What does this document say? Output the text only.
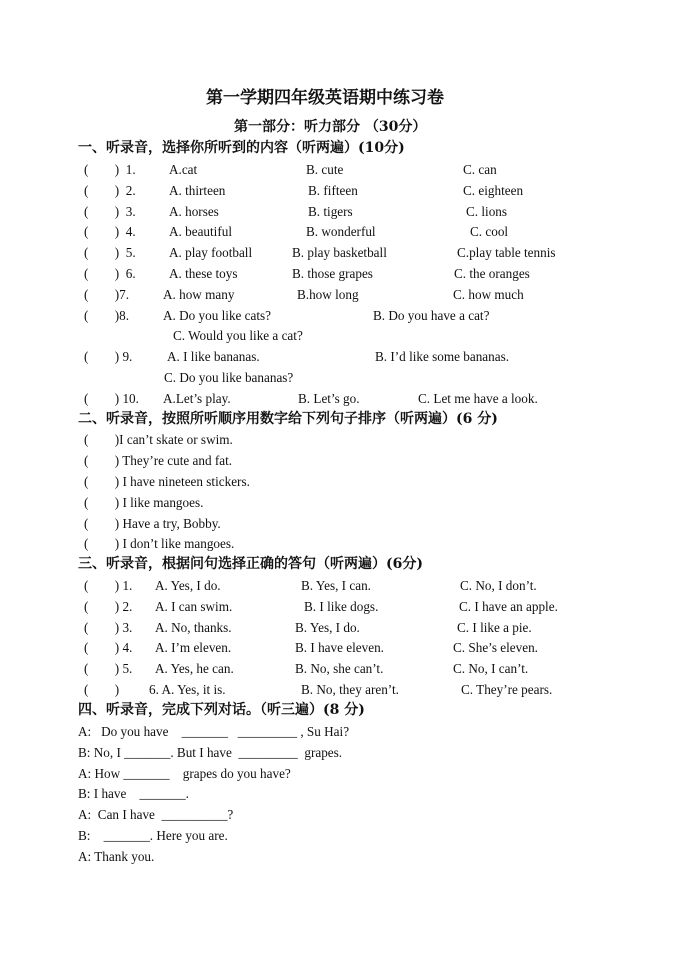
第一学期四年级英语期中练习卷
第一部分：听力部分 （30分）
一、听录音，选择你所听到的内容（听两遍）(10分)
(        )  1.	A.cat	B. cute	C. can
(        )  2.	A. thirteen	B. fifteen	C. eighteen
(        )  3.	A. horses	B. tigers	C. lions
(        )  4.	A. beautiful	B. wonderful	C. cool
(        )  5.	A. play football	B. play basketball	C.play table tennis
(        )  6.	A. these toys	B. those grapes	C. the oranges
(        )7.	A. how many	B.how long	C. how much
(        )8.	A. Do you like cats?	B. Do you have a cat?
C. Would you like a cat?
(        ) 9.	A. I like bananas.	B. I’d like some bananas.
C. Do you like bananas?
(        ) 10. A.Let’s play.	B. Let’s go.	C. Let me have a look.
二、听录音，按照所听顺序用数字给下列句子排序（听两遍）(6 分)
(        )I can’t skate or swim.
(        ) They’re cute and fat.
(        ) I have nineteen stickers.
(        ) I like mangoes.
(        ) Have a try, Bobby.
(        ) I don’t like mangoes.
三、听录音，根据问句选择正确的答句（听两遍）(6分)
(        ) 1. A. Yes, I do.	B. Yes, I can.	C. No, I don’t.
(        ) 2. A. I can swim.	B. I like dogs.	C. I have an apple.
(        ) 3. A. No, thanks.	B. Yes, I do.	C. I like a pie.
(        ) 4. A. I’m eleven.	B. I have eleven.	C. She’s eleven.
(        ) 5. A. Yes, he can.	B. No, she can’t.	C. No, I can’t.
(        ) 6. A. Yes, it is.	B. No, they aren’t.	C. They’re pears.
四、听录音，完成下列对话。（听三遍）(8 分)
A:   Do you have    _______   _________ , Su Hai?
B: No, I _______. But I have  _________  grapes.
A: How _______    grapes do you have?
B: I have    _______.
A:  Can I have  __________?
B:    _______. Here you are.
A: Thank you.
